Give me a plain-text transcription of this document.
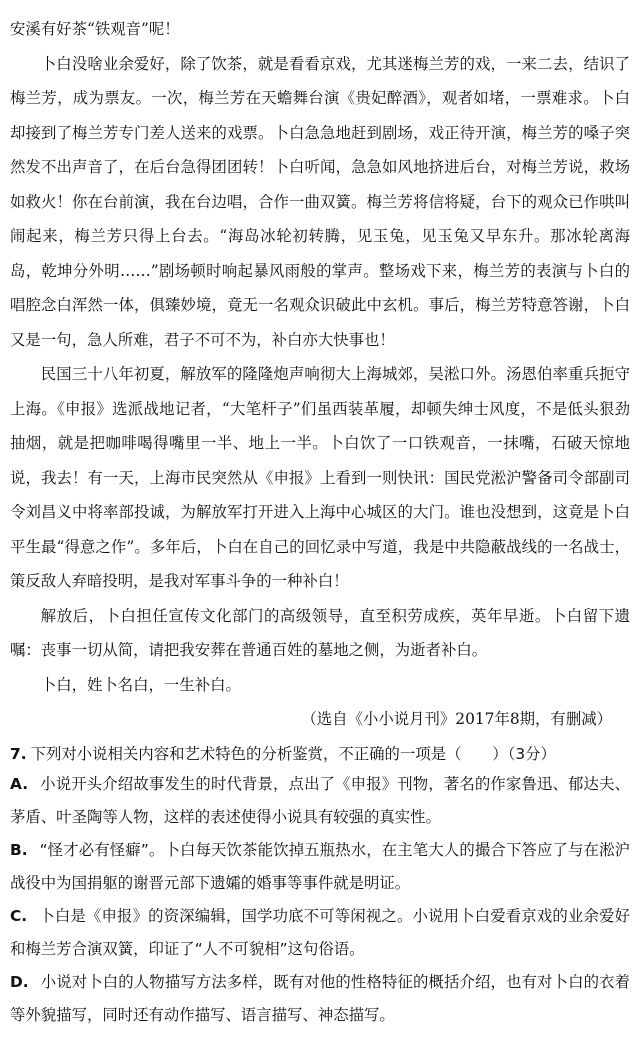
安溪有好茶“铁观音”呢！

卜白没啥业余爱好，除了饮茶，就是看看京戏，尤其迷梅兰芳的戏，一来二去，结识了梅兰芳，成为票友。一次，梅兰芳在天蟾舞台演《贵妃醉酒》，观者如堵，一票难求。卜白却接到了梅兰芳专门差人送来的戏票。卜白急急地赶到剧场，戏正待开演，梅兰芳的嗓子突然发不出声音了，在后台急得团团转！卜白听闻，急急如风地挤进后台，对梅兰芳说，救场如救火！你在台前演，我在台边唱，合作一曲双簧。梅兰芳将信将疑，台下的观众已作哄叫闹起来，梅兰芳只得上台去。“海岛冰轮初转腾，见玉兔，见玉兔又早东升。那冰轮离海岛，乾坤分外明……”剧场顿时响起暴风雨般的掌声。整场戏下来，梅兰芳的表演与卜白的唱腔念白浑然一体，俱臻妙境，竟无一名观众识破此中玄机。事后，梅兰芳特意答谢，卜白又是一句，急人所难，君子不可不为，补白亦大快事也！

民国三十八年初夏，解放军的隆隆炮声响彻大上海城郊，吴淞口外。汤恩伯率重兵扼守上海。《申报》选派战地记者，“大笔杆子”们虽西装革履，却顿失绅士风度，不是低头狠劲抽烟，就是把咖啡喝得嘴里一半、地上一半。卜白饮了一口铁观音，一抹嘴，石破天惊地说，我去！有一天，上海市民突然从《申报》上看到一则快讯：国民党淞沪警备司令部副司令刘昌义中将率部投诚，为解放军打开进入上海中心城区的大门。谁也没想到，这竟是卜白平生最“得意之作”。多年后，卜白在自己的回忆录中写道，我是中共隐蔽战线的一名战士，策反敌人弃暗投明，是我对军事斗争的一种补白！

解放后，卜白担任宣传文化部门的高级领导，直至积劳成疾，英年早逝。卜白留下遗嘱：丧事一切从简，请把我安葬在普通百姓的墓地之侧，为逝者补白。

卜白，姓卜名白，一生补白。

（选自《小小说月刊》2017年8期，有删减）

7. 下列对小说相关内容和艺术特色的分析鉴赏，不正确的一项是（　　）（3分）

A. 小说开头介绍故事发生的时代背景，点出了《申报》刊物，著名的作家鲁迅、郁达夫、茅盾、叶圣陶等人物，这样的表述使得小说具有较强的真实性。

B. “怪才必有怪癖”。卜白每天饮茶能饮掉五瓶热水，在主笔大人的撮合下答应了与在淞沪战役中为国捐躯的谢晋元部下遗孀的婚事等事件就是明证。

C. 卜白是《申报》的资深编辑，国学功底不可等闲视之。小说用卜白爱看京戏的业余爱好和梅兰芳合演双簧，印证了“人不可貌相”这句俗语。

D. 小说对卜白的人物描写方法多样，既有对他的性格特征的概括介绍，也有对卜白的衣着等外貌描写，同时还有动作描写、语言描写、神态描写。
